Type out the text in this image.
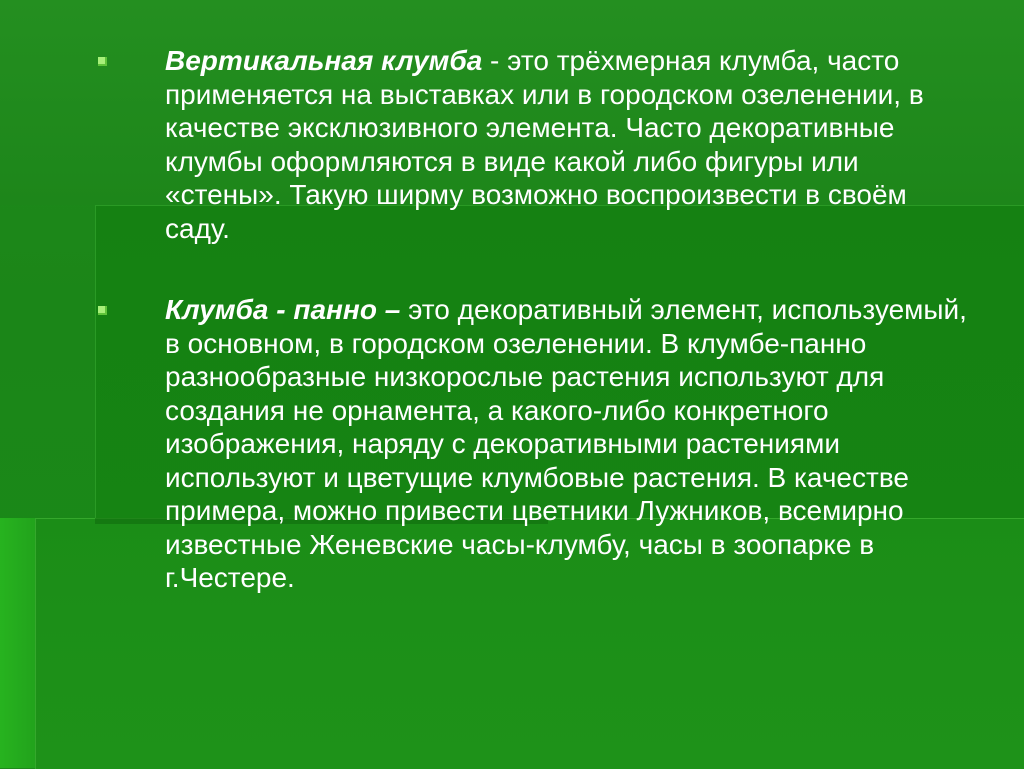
Вертикальная клумба - это трёхмерная клумба, часто применяется на выставках или в городском озеленении, в качестве эксклюзивного элемента. Часто декоративные клумбы оформляются в виде какой либо фигуры или «стены». Такую ширму возможно воспроизвести в своём саду.

Клумба - панно – это декоративный элемент, используемый, в основном, в городском озеленении. В клумбе-панно разнообразные низкорослые растения используют для создания не орнамента, а какого-либо конкретного изображения, наряду с декоративными растениями используют и цветущие клумбовые растения. В качестве примера, можно привести цветники Лужников, всемирно известные Женевские часы-клумбу, часы в зоопарке в г.Честере.
